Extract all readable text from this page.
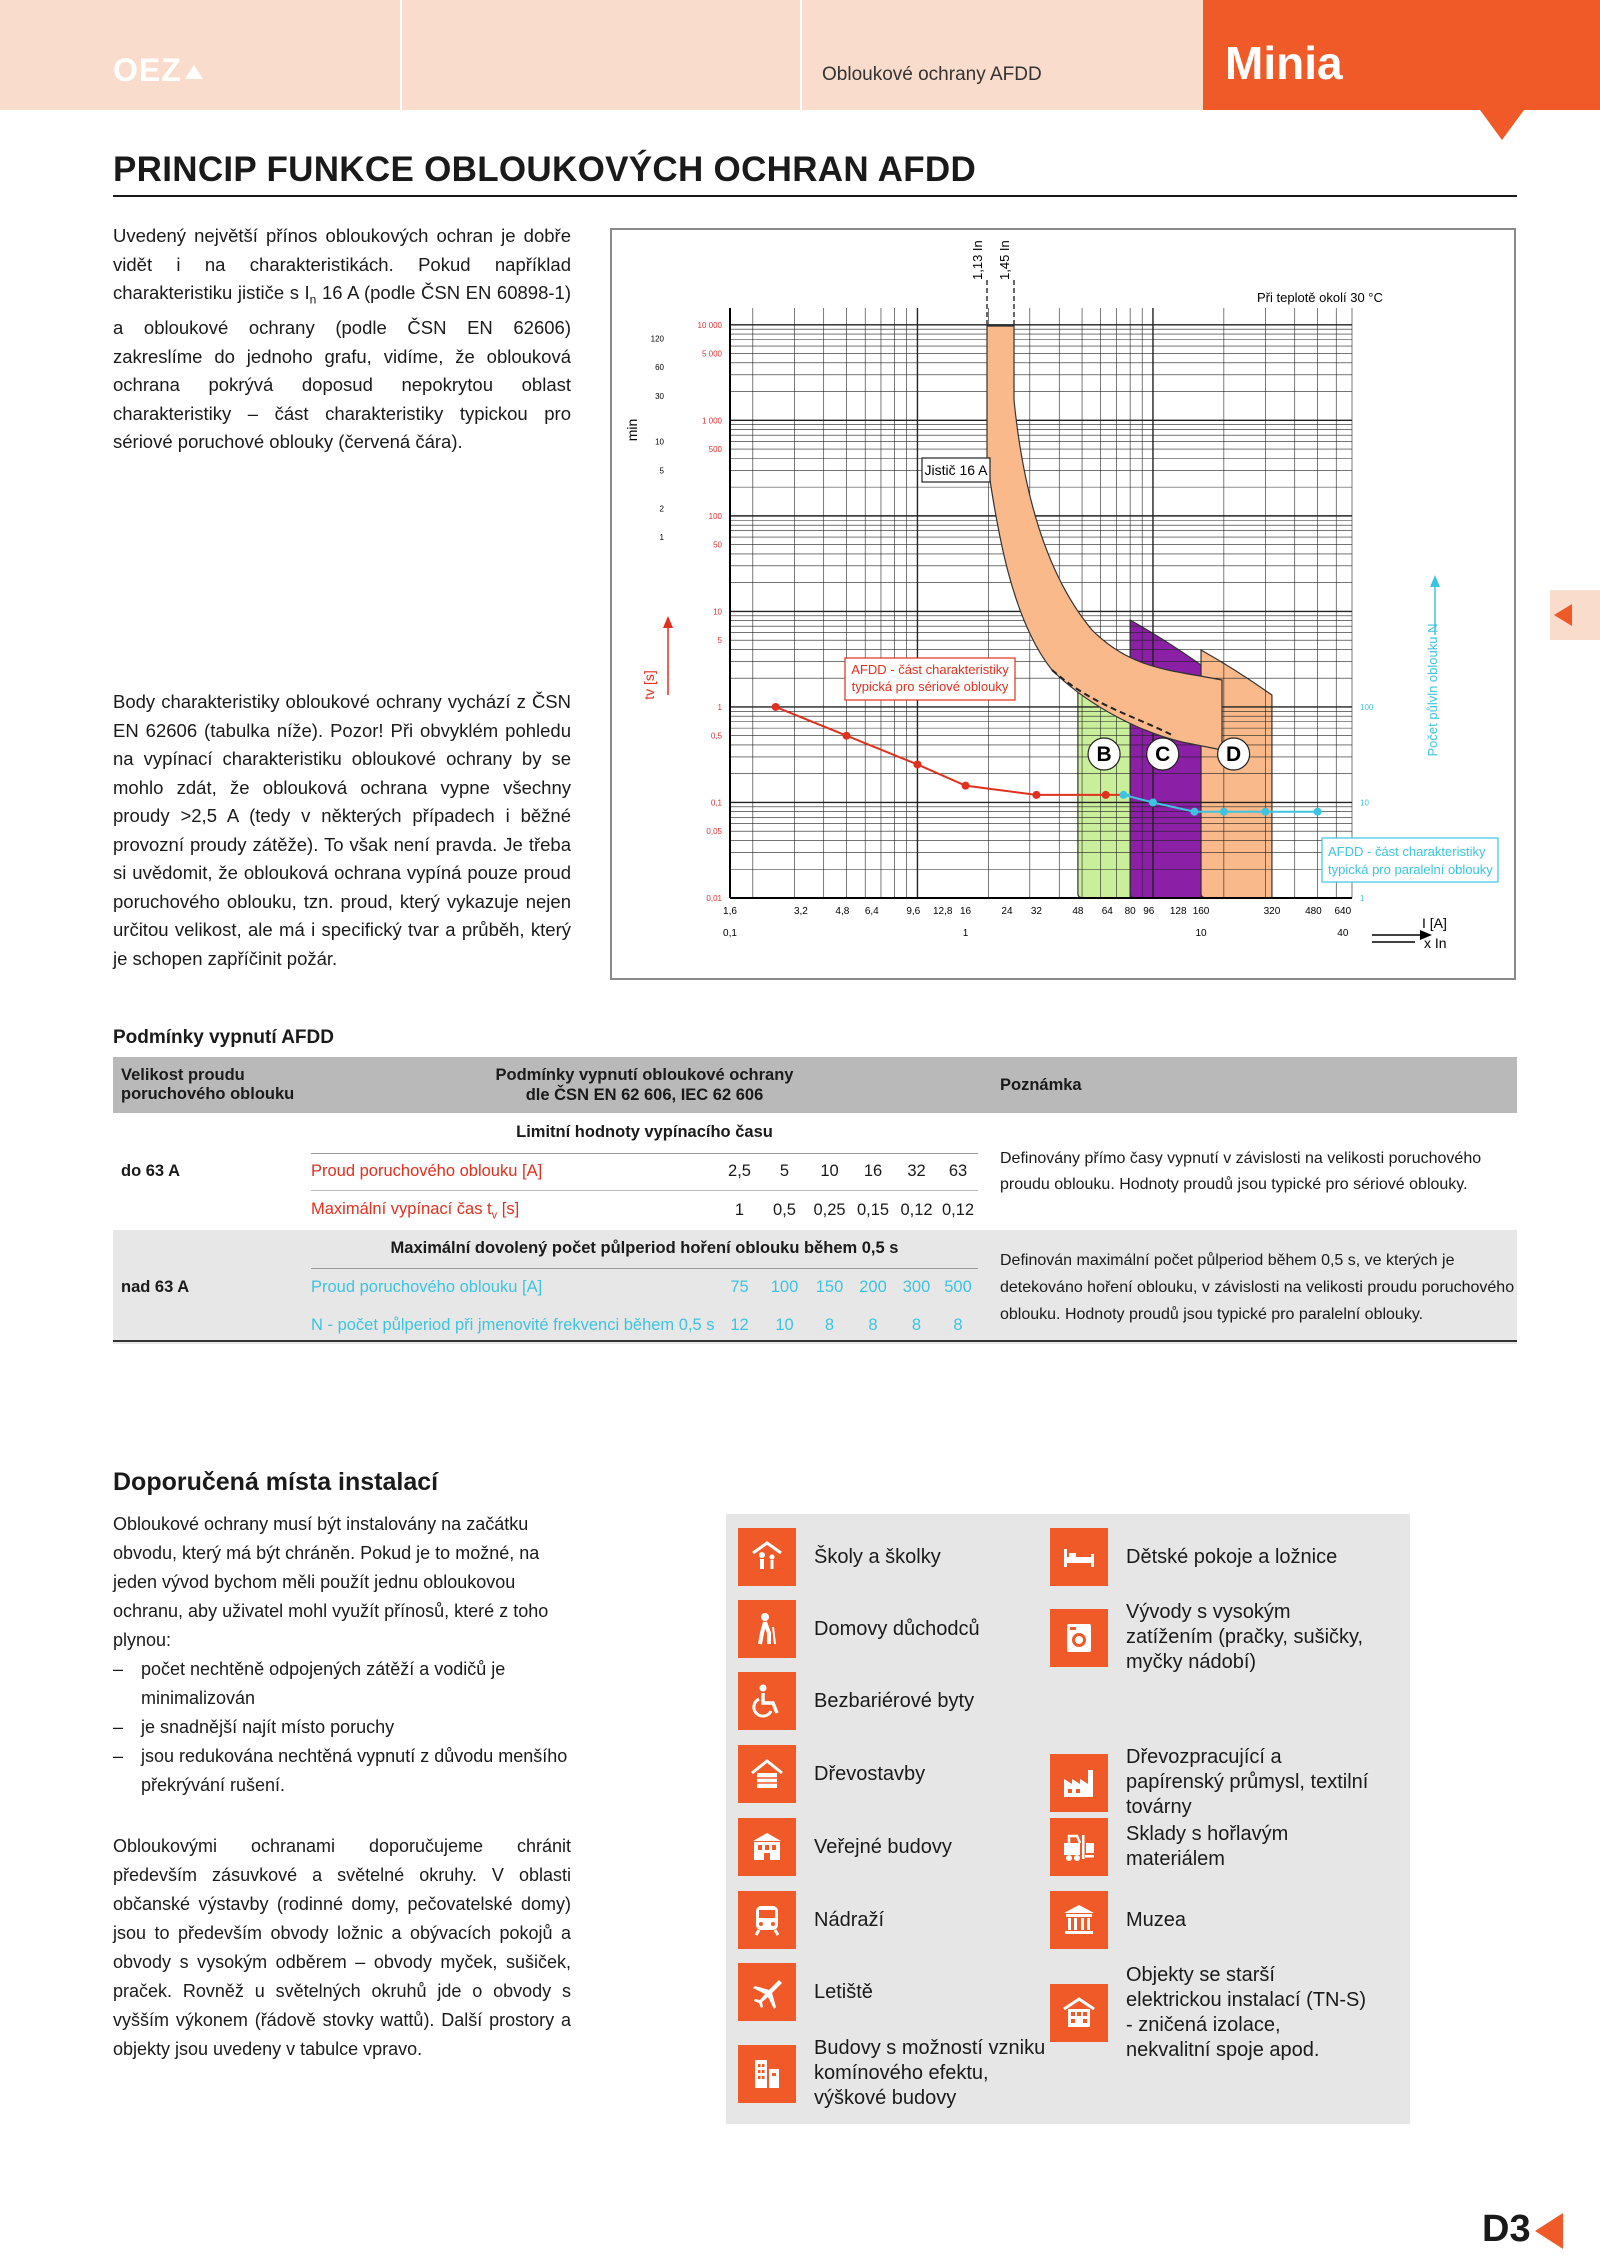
OEZ	Obloukové ochrany AFDD	Minia
PRINCIP FUNKCE OBLOUKOVÝCH OCHRAN AFDD
Uvedený největší přínos obloukových ochran je dobře vidět i na charakteristikách. Pokud například charakteristiku jističe s $I_n$ 16 A (podle ČSN EN 60898-1) a obloukové ochrany (podle ČSN EN 62606) zakreslíme do jednoho grafu, vidíme, že oblouková ochrana pokrývá doposud nepokrytou oblast charakteristiky – část charakteristiky typickou pro sériové poruchové oblouky (červená čára).
Body charakteristiky obloukové ochrany vychází z ČSN EN 62606 (tabulka níže). Pozor! Při obvyklém pohledu na vypínací charakteristiku obloukové ochrany by se mohlo zdát, že oblouková ochrana vypne všechny proudy >2,5 A (tedy v některých případech i běžné provozní proudy zátěže). To však není pravda. Je třeba si uvědomit, že oblouková ochrana vypíná pouze proud poruchového oblouku, tzn. proud, který vykazuje nejen určitou velikost, ale má i specifický tvar a průběh, který je schopen zapříčinit požár.
1,13 In 1,45 In
1,6	3,2	4,8 6,4	9,6 12,8 16	24 32	48 64 80 96 128 160	320 480 640
0,1	1	10	40
10 000
5 000
1 000
500
100
50
10
5
1
0,5
0,1
0,05
0,01
120
60
30
10
5
2
1
100
10
1
Při teplotě okolí 30 °C
Jistič 16 A
AFDD - část charakteristiky
typická pro sériové oblouky
AFDD - část charakteristiky
typická pro paralelní oblouky
B C	D
min
tv [s]	Počet půlvln oblouku N
I [A]
x In
Podmínky vypnutí AFDD
Velikost proudu poruchového oblouku	Podmínky vypnutí obloukové ochrany
dle ČSN EN 62 606, IEC 62 606							Poznámka
do 63 A	Limitní hodnoty vypínacího času							Definovány přímo časy vypnutí v závislosti na velikosti poruchového proudu oblouku. Hodnoty proudů jsou typické pro sériové oblouky.
	Proud poruchového oblouku [A]	2,5	5	10	16	32	63	
	Maximální vypínací čas $t_v$ [s]	1	0,5	0,25	0,15	0,12	0,12	
nad 63 A	Maximální dovolený počet půlperiod hoření oblouku během 0,5 s							Definován maximální počet půlperiod během 0,5 s, ve kterých je detekováno hoření oblouku, v závislosti na velikosti proudu poruchového oblouku. Hodnoty proudů jsou typické pro paralelní oblouky.
	Proud poruchového oblouku [A]	75	100	150	200	300	500	
	N - počet půlperiod při jmenovité frekvenci během 0,5 s	12	10	8	8	8	8	
Doporučená místa instalací
Obloukové ochrany musí být instalovány na začátku obvodu, který má být chráněn. Pokud je to možné, na jeden vývod bychom měli použít jednu obloukovou ochranu, aby uživatel mohl využít přínosů, které z toho plynou:
– počet nechtěně odpojených zátěží a vodičů je minimalizován
– je snadnější najít místo poruchy
– jsou redukována nechtěná vypnutí z důvodu menšího překrývání rušení.
Obloukovými ochranami doporučujeme chránit především zásuvkové a světelné okruhy. V oblasti občanské výstavby (rodinné domy, pečovatelské domy) jsou to především obvody ložnic a obývacích pokojů a obvody s vysokým odběrem – obvody myček, sušiček, praček. Rovněž u světelných okruhů jde o obvody s vyšším výkonem (řádově stovky wattů). Další prostory a objekty jsou uvedeny v tabulce vpravo.
Školy a školky
Domovy důchodců
Bezbariérové byty
Dřevostavby
Veřejné budovy
Nádraží
Letiště
Budovy s možností vzniku komínového efektu, výškové budovy
Dětské pokoje a ložnice
Vývody s vysokým zatížením (pračky, sušičky, myčky nádobí)
Dřevozpracující a papírenský průmysl, textilní továrny
Sklady s hořlavým materiálem
Muzea
Objekty se starší elektrickou instalací (TN-S) - zničená izolace, nekvalitní spoje apod.
D3
